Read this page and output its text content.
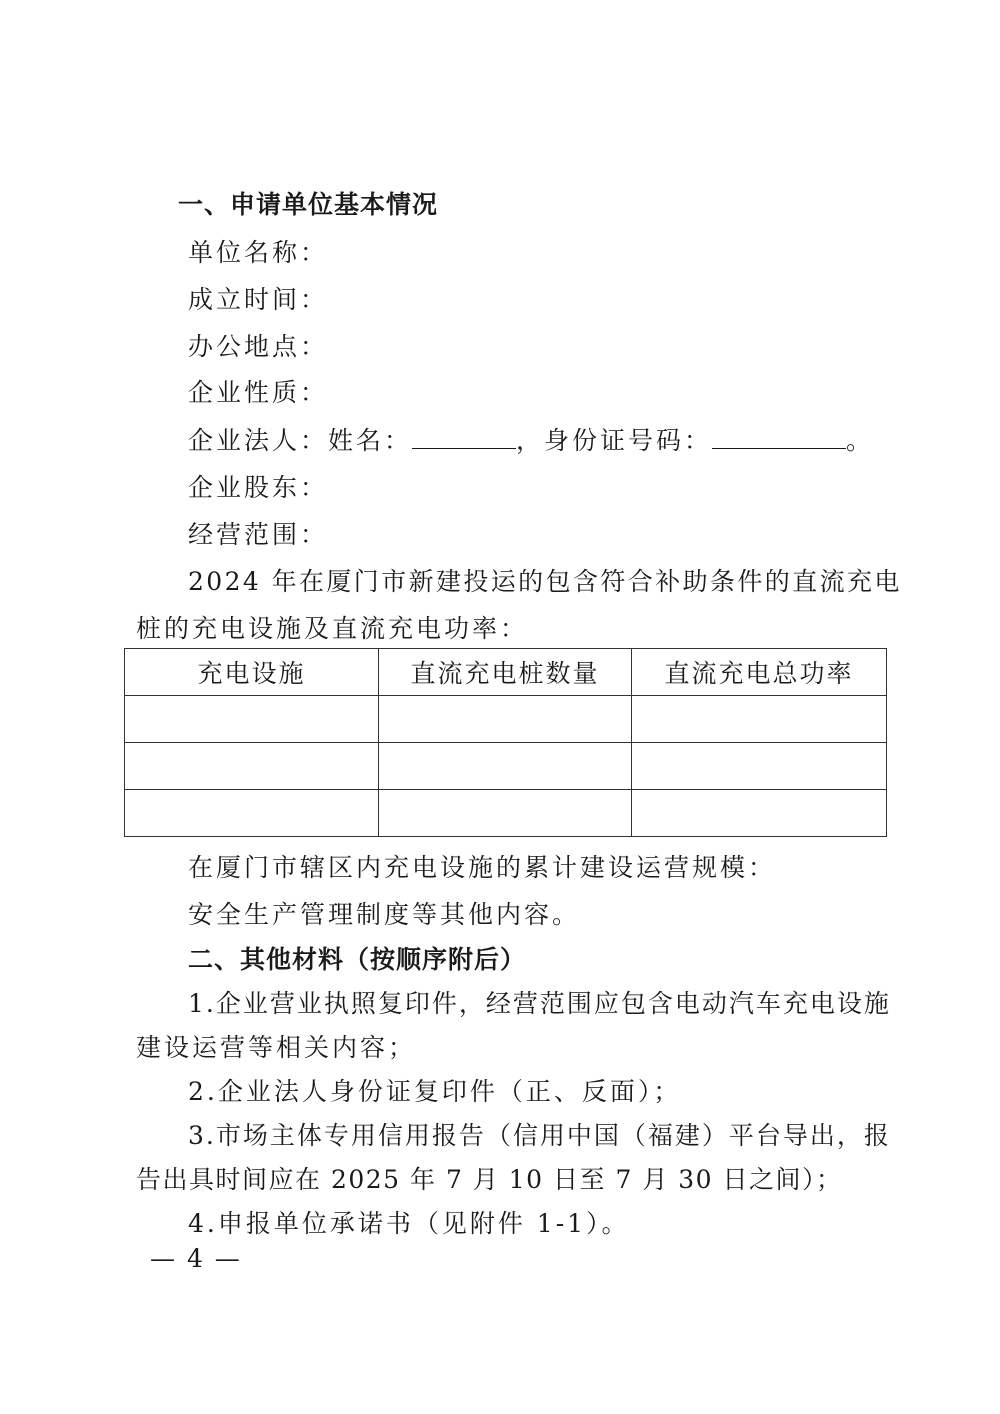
一、申请单位基本情况
单位名称：
成立时间：
办公地点：
企业性质：
企业法人：姓名：	，身份证号码：	。
企业股东：
经营范围：
2024 年在厦门市新建投运的包含符合补助条件的直流充电
桩的充电设施及直流充电功率：
充电设施	直流充电桩数量	直流充电总功率

在厦门市辖区内充电设施的累计建设运营规模：
安全生产管理制度等其他内容。
二、其他材料（按顺序附后）
1.企业营业执照复印件，经营范围应包含电动汽车充电设施
建设运营等相关内容；
2.企业法人身份证复印件（正、反面）；
3.市场主体专用信用报告（信用中国（福建）平台导出，报
告出具时间应在 2025 年 7 月 10 日至 7 月 30 日之间）；
4.申报单位承诺书（见附件 1-1）。
— 4 —
